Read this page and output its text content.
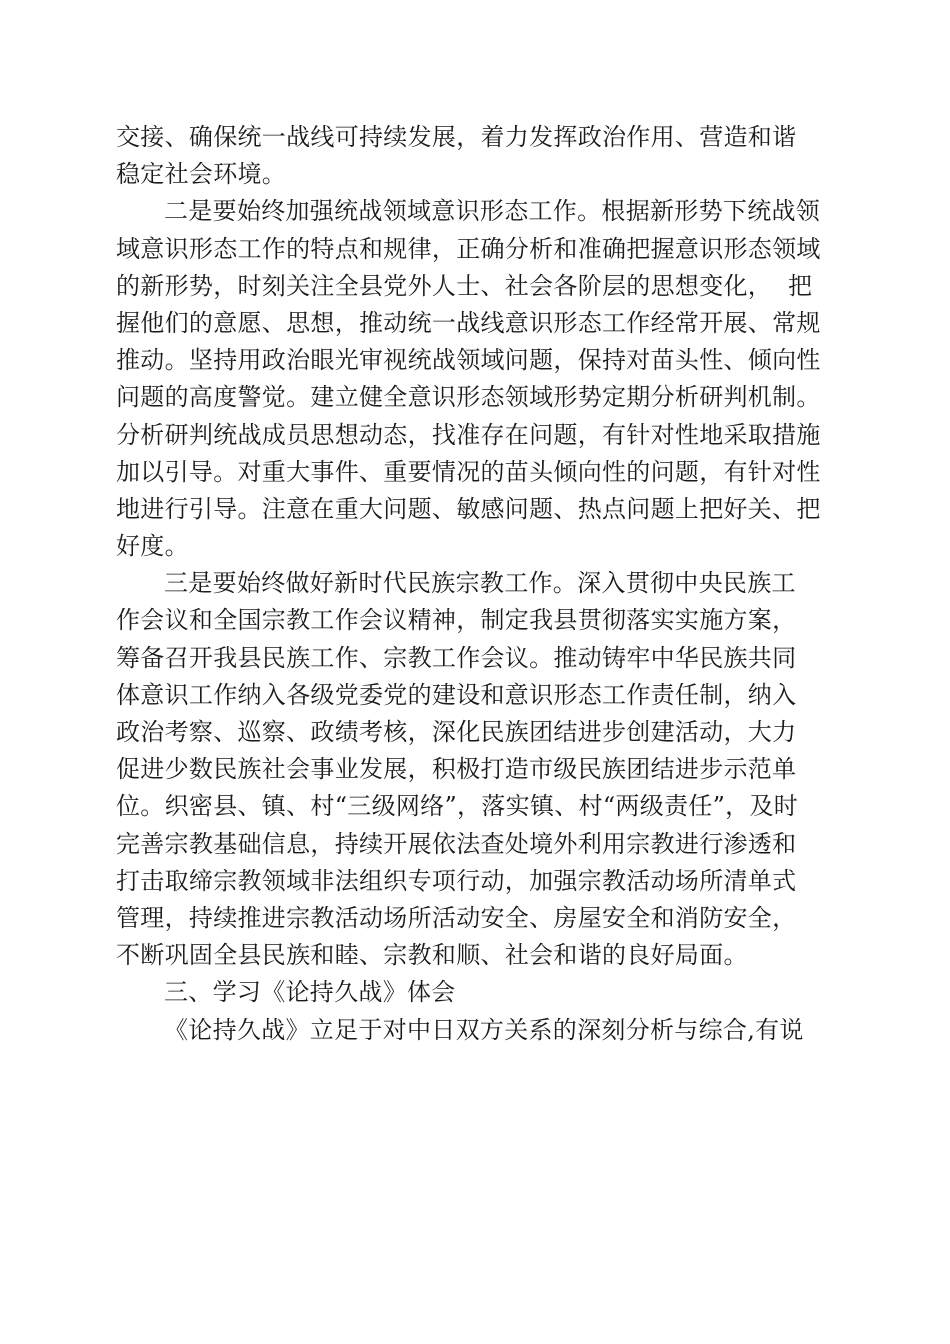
交接、确保统一战线可持续发展，着力发挥政治作用、营造和谐
稳定社会环境。
二是要始终加强统战领域意识形态工作。根据新形势下统战领
域意识形态工作的特点和规律，正确分析和准确把握意识形态领域
的新形势，时刻关注全县党外人士、社会各阶层的思想变化，  把
握他们的意愿、思想，推动统一战线意识形态工作经常开展、常规
推动。坚持用政治眼光审视统战领域问题，保持对苗头性、倾向性
问题的高度警觉。建立健全意识形态领域形势定期分析研判机制。
分析研判统战成员思想动态，找准存在问题，有针对性地采取措施
加以引导。对重大事件、重要情况的苗头倾向性的问题，有针对性
地进行引导。注意在重大问题、敏感问题、热点问题上把好关、把
好度。
三是要始终做好新时代民族宗教工作。深入贯彻中央民族工
作会议和全国宗教工作会议精神，制定我县贯彻落实实施方案，
筹备召开我县民族工作、宗教工作会议。推动铸牢中华民族共同
体意识工作纳入各级党委党的建设和意识形态工作责任制，纳入
政治考察、巡察、政绩考核，深化民族团结进步创建活动，大力
促进少数民族社会事业发展，积极打造市级民族团结进步示范单
位。织密县、镇、村“三级网络”，落实镇、村“两级责任”，及时
完善宗教基础信息，持续开展依法查处境外利用宗教进行渗透和
打击取缔宗教领域非法组织专项行动，加强宗教活动场所清单式
管理，持续推进宗教活动场所活动安全、房屋安全和消防安全，
不断巩固全县民族和睦、宗教和顺、社会和谐的良好局面。
三、学习《论持久战》体会
《论持久战》立足于对中日双方关系的深刻分析与综合,有说
